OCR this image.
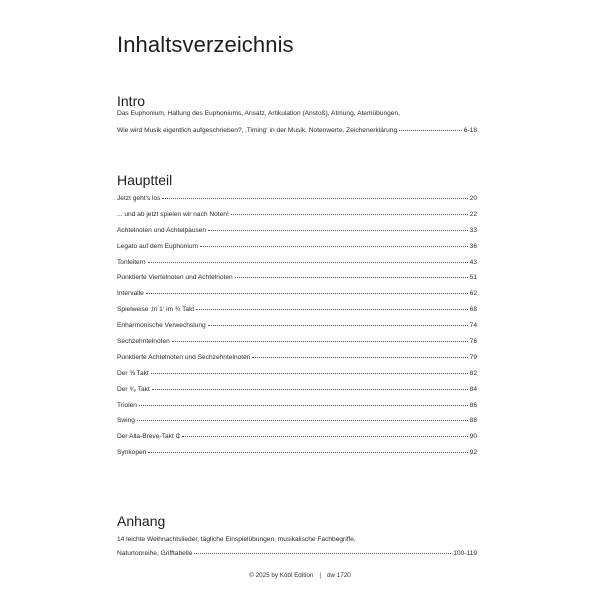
Inhaltsverzeichnis
Intro
Das Euphonium, Haltung des Euphoniums, Ansatz, Artikulation (Anstoß), Atmung, Atemübungen,
Wie wird Musik eigentlich aufgeschrieben?, ‚Timing‘ in der Musik, Notenwerte, Zeichenerklärung	6-18
Hauptteil
Jetzt geht's los	20
... und ab jetzt spielen wir nach Noten!	22
Achtelnoten und Achtelpausen	33
Legato auf dem Euphonium	36
Tonleitern	43
Punktierte Viertelnoten und Achtelnoten	51
Intervalle	62
Spielweise ‚In 1‘ im ¾ Takt	68
Enharmonische Verwechslung	74
Sechzehntelnoten	76
Punktierte Achtelnoten und Sechzehntelnoten	79
Der ⅜ Takt	82
Der ⁶⁄₈ Takt	84
Triolen	86
Swing	88
Der Alla-Breve-Takt ₵	90
Synkopen	92
Anhang
14 leichte Weihnachtslieder, tägliche Einspielübungen, musikalische Fachbegriffe,
Naturtonreihe, Grifftabelle	100-119
© 2025 by Köbl Edition | dw 1720
